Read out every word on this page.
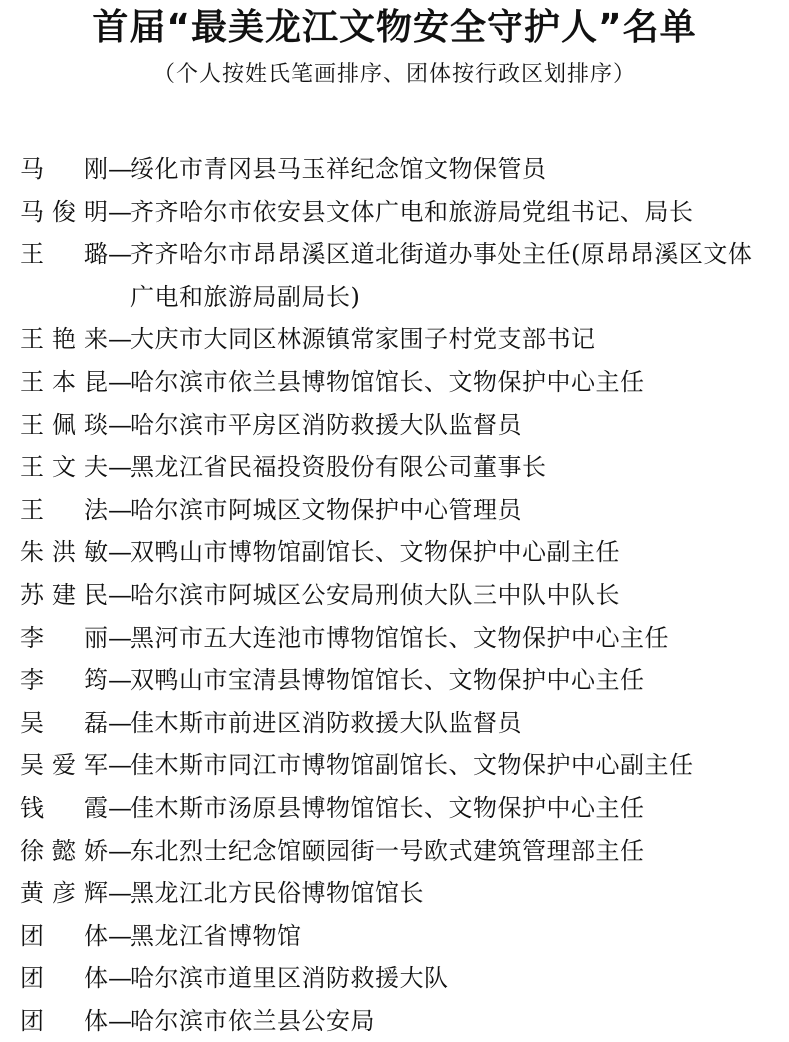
首届“最美龙江文物安全守护人”名单
（个人按姓氏笔画排序、团体按行政区划排序）
马 刚 —
绥化市青冈县马玉祥纪念馆文物保管员
马俊明 —
齐齐哈尔市依安县文体广电和旅游局党组书记、局长
王 璐 —
齐齐哈尔市昂昂溪区道北街道办事处主任(原昂昂溪区文体广电和旅游局副局长)
王艳来 —
大庆市大同区林源镇常家围子村党支部书记
王本昆 —
哈尔滨市依兰县博物馆馆长、文物保护中心主任
王佩琰 —
哈尔滨市平房区消防救援大队监督员
王文夫 —
黑龙江省民福投资股份有限公司董事长
王 法 —
哈尔滨市阿城区文物保护中心管理员
朱洪敏 —
双鸭山市博物馆副馆长、文物保护中心副主任
苏建民 —
哈尔滨市阿城区公安局刑侦大队三中队中队长
李 丽 —
黑河市五大连池市博物馆馆长、文物保护中心主任
李 筠 —
双鸭山市宝清县博物馆馆长、文物保护中心主任
吴 磊 —
佳木斯市前进区消防救援大队监督员
吴爱军 —
佳木斯市同江市博物馆副馆长、文物保护中心副主任
钱 霞 —
佳木斯市汤原县博物馆馆长、文物保护中心主任
徐懿娇 —
东北烈士纪念馆颐园街一号欧式建筑管理部主任
黄彦辉 —
黑龙江北方民俗博物馆馆长
团 体 —
黑龙江省博物馆
团 体 —
哈尔滨市道里区消防救援大队
团 体 —
哈尔滨市依兰县公安局
